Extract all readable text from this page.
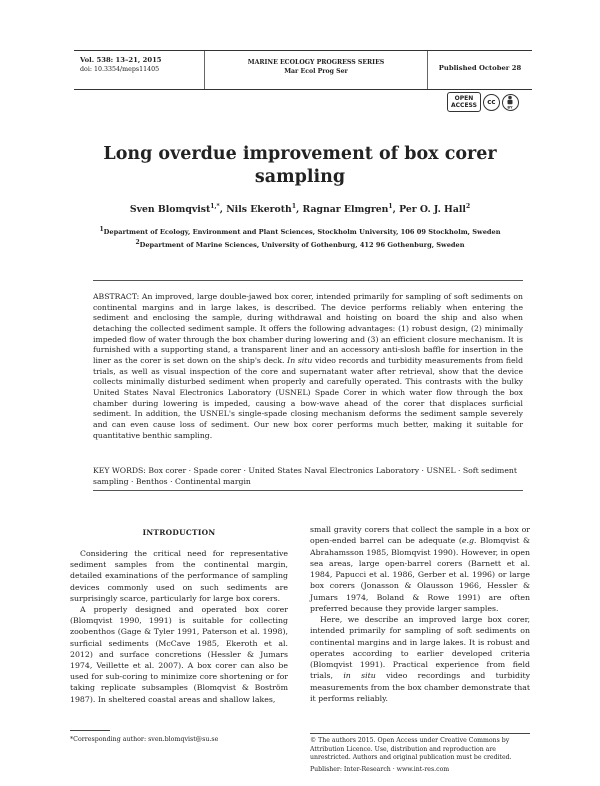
Vol. 538: 13–21, 2015
doi: 10.3354/meps11405
MARINE ECOLOGY PROGRESS SERIES
Mar Ecol Prog Ser	Published October 28
OPEN
ACCESS	cc
BY
Long overdue improvement of box corer
sampling
Sven Blomqvist$^{1,*}$, Nils Ekeroth$^1$, Ragnar Elmgren$^1$, Per O. J. Hall$^2$
$^1$Department of Ecology, Environment and Plant Sciences, Stockholm University, 106 09 Stockholm, Sweden
$^2$Department of Marine Sciences, University of Gothenburg, 412 96 Gothenburg, Sweden
ABSTRACT: An improved, large double-jawed box corer, intended primarily for sampling of soft sediments on continental margins and in large lakes, is described. The device performs reliably when entering the sediment and enclosing the sample, during withdrawal and hoisting on board the ship and also when detaching the collected sediment sample. It offers the following advantages: (1) robust design, (2) minimally impeded flow of water through the box chamber during lowering and (3) an efficient closure mechanism. It is furnished with a supporting stand, a transparent liner and an accessory anti-slosh baffle for insertion in the liner as the corer is set down on the ship's deck. In situ video records and turbidity measurements from field trials, as well as visual inspection of the core and supernatant water after retrieval, show that the device collects minimally disturbed sediment when properly and carefully operated. This contrasts with the bulky United States Naval Electronics Laboratory (USNEL) Spade Corer in which water flow through the box chamber during lowering is impeded, causing a bow-wave ahead of the corer that displaces surficial sediment. In addition, the USNEL's single-spade closing mechanism deforms the sediment sample severely and can even cause loss of sediment. Our new box corer performs much better, making it suitable for quantitative benthic sampling.
KEY WORDS: Box corer · Spade corer · United States Naval Electronics Laboratory · USNEL · Soft sediment sampling · Benthos · Continental margin
INTRODUCTION

Considering the critical need for representative sediment samples from the continental margin, detailed examinations of the performance of sampling devices commonly used on such sediments are surprisingly scarce, particularly for large box corers.

A properly designed and operated box corer (Blomqvist 1990, 1991) is suitable for collecting zoobenthos (Gage & Tyler 1991, Paterson et al. 1998), surficial sediments (McCave 1985, Ekeroth et al. 2012) and surface concretions (Hessler & Jumars 1974, Veillette et al. 2007). A box corer can also be used for sub-coring to minimize core shortening or for taking replicate subsamples (Blomqvist & Boström 1987). In sheltered coastal areas and shallow lakes,

*Corresponding author: sven.blomqvist@su.se

small gravity corers that collect the sample in a box or open-ended barrel can be adequate (e.g. Blomqvist & Abrahamsson 1985, Blomqvist 1990). However, in open sea areas, large open-barrel corers (Barnett et al. 1984, Papucci et al. 1986, Gerber et al. 1996) or large box corers (Jonasson & Olausson 1966, Hessler & Jumars 1974, Boland & Rowe 1991) are often preferred because they provide larger samples.

Here, we describe an improved large box corer, intended primarily for sampling of soft sediments on continental margins and in large lakes. It is robust and operates according to earlier developed criteria (Blomqvist 1991). Practical experience from field trials, in situ video recordings and turbidity measurements from the box chamber demonstrate that it performs reliably.

© The authors 2015. Open Access under Creative Commons by Attribution Licence. Use, distribution and reproduction are unrestricted. Authors and original publication must be credited.
Publisher: Inter-Research · www.int-res.com
